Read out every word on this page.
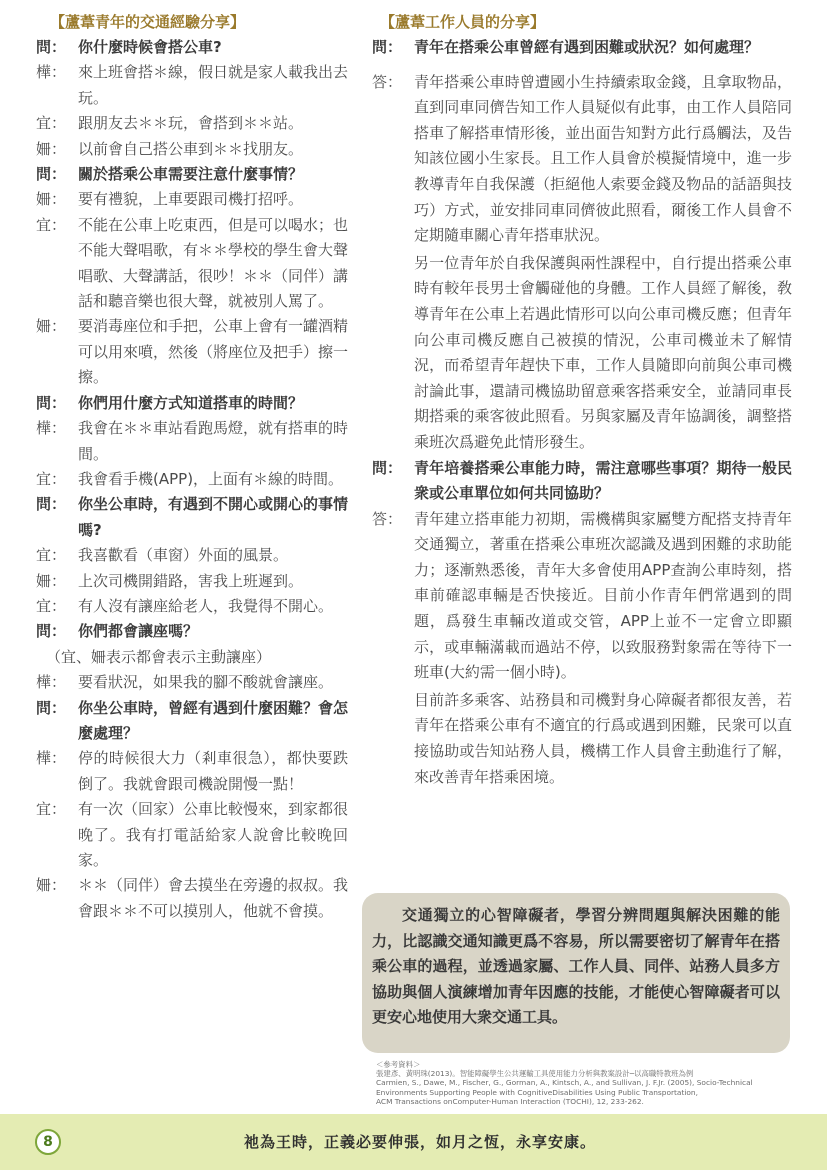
【蘆葦青年的交通經驗分享】
問： 你什麼時候會搭公車?
樺： 來上班會搭＊線，假日就是家人載我出去玩。
宜： 跟朋友去＊＊玩，會搭到＊＊站。
姍： 以前會自己搭公車到＊＊找朋友。
問： 關於搭乘公車需要注意什麼事情？
姍： 要有禮貌，上車要跟司機打招呼。
宜： 不能在公車上吃東西，但是可以喝水；也不能大聲唱歌，有＊＊學校的學生會大聲唱歌、大聲講話，很吵！＊＊（同伴）講話和聽音樂也很大聲，就被別人罵了。
姍： 要消毒座位和手把，公車上會有一罐酒精可以用來噴，然後（將座位及把手）擦一擦。
問： 你們用什麼方式知道搭車的時間？
樺： 我會在＊＊車站看跑馬燈，就有搭車的時間。
宜： 我會看手機(APP)，上面有＊線的時間。
問： 你坐公車時，有遇到不開心或開心的事情嗎?
宜： 我喜歡看（車窗）外面的風景。
姍： 上次司機開錯路，害我上班遲到。
宜： 有人沒有讓座給老人，我覺得不開心。
問： 你們都會讓座嗎？
（宜、姍表示都會表示主動讓座）
樺： 要看狀況，如果我的腳不酸就會讓座。
問： 你坐公車時，曾經有遇到什麼困難？會怎麼處理？
樺： 停的時候很大力（剎車很急），都快要跌倒了。我就會跟司機說開慢一點！
宜： 有一次（回家）公車比較慢來，到家都很晚了。我有打電話給家人說會比較晚回家。
姍： ＊＊（同伴）會去摸坐在旁邊的叔叔。我會跟＊＊不可以摸別人，他就不會摸。
【蘆葦工作人員的分享】
問： 青年在搭乘公車曾經有遇到困難或狀況？如何處理？
答： 青年搭乘公車時曾遭國小生持續索取金錢，且拿取物品，直到同車同儕告知工作人員疑似有此事，由工作人員陪同搭車了解搭車情形後，並出面告知對方此行爲觸法，及告知該位國小生家長。且工作人員會於模擬情境中，進一步教導青年自我保護（拒絕他人索要金錢及物品的話語與技巧）方式，並安排同車同儕彼此照看，爾後工作人員會不定期隨車關心青年搭車狀況。
另一位青年於自我保護與兩性課程中，自行提出搭乘公車時有較年長男士會觸碰他的身體。工作人員經了解後，敎導青年在公車上若遇此情形可以向公車司機反應；但青年向公車司機反應自己被摸的情況，公車司機並未了解情況，而希望青年趕快下車，工作人員隨即向前與公車司機討論此事，還請司機協助留意乘客搭乘安全，並請同車長期搭乘的乘客彼此照看。另與家屬及青年協調後，調整搭乘班次爲避免此情形發生。
問： 青年培養搭乘公車能力時，需注意哪些事項？期待一般民衆或公車單位如何共同協助？
答： 青年建立搭車能力初期，需機構與家屬雙方配搭支持青年交通獨立，著重在搭乘公車班次認識及遇到困難的求助能力；逐漸熟悉後，青年大多會使用APP查詢公車時刻，搭車前確認車輛是否快接近。目前小作青年們常遇到的問題，爲發生車輛改道或交管，APP上並不一定會立即顯示，或車輛滿載而過站不停，以致服務對象需在等待下一班車(大約需一個小時)。
目前許多乘客、站務員和司機對身心障礙者都很友善，若青年在搭乘公車有不適宜的行爲或遇到困難，民衆可以直接協助或告知站務人員，機構工作人員會主動進行了解，來改善青年搭乘困境。

交通獨立的心智障礙者，學習分辨問題與解決困難的能力，比認識交通知識更爲不容易，所以需要密切了解青年在搭乘公車的過程，並透過家屬、工作人員、同伴、站務人員多方協助與個人演練增加青年因應的技能，才能使心智障礙者可以更安心地使用大衆交通工具。

＜參考資料＞
張建彥、黃明珠(2013)。智能障礙學生公共運輸工具使用能力分析與教案設計─以高職特教班為例
Carmien, S., Dawe, M., Fischer, G., Gorman, A., Kintsch, A., and Sullivan, J. F.Jr. (2005), Socio-Technical
Environments Supporting People with CognitiveDisabilities Using Public Transportation,
ACM Transactions onComputer-Human Interaction (TOCHI), 12, 233-262.
8	祂為王時，正義必要伸張，如月之恆，永享安康。
